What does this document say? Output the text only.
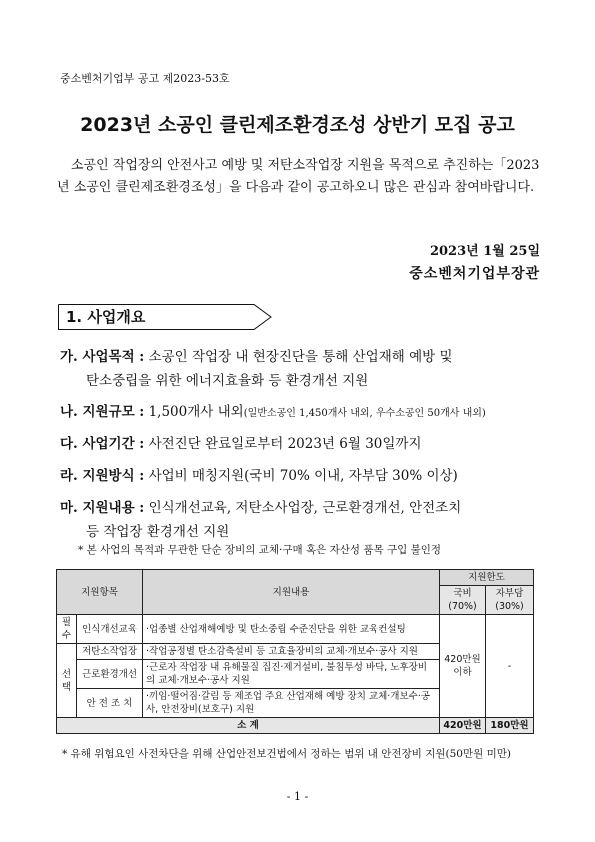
중소벤처기업부 공고 제2023-53호
2023년 소공인 클린제조환경조성 상반기 모집 공고

소공인 작업장의 안전사고 예방 및 저탄소작업장 지원을 목적으로 추진하는「2023년 소공인 클린제조환경조성」을 다음과 같이 공고하오니 많은 관심과 참여바랍니다.

2023년 1월 25일
중소벤처기업부장관
1. 사업개요
가. 사업목적 : 소공인 작업장 내 현장진단을 통해 산업재해 예방 및
탄소중립을 위한 에너지효율화 등 환경개선 지원
나. 지원규모 : 1,500개사 내외(일반소공인 1,450개사 내외, 우수소공인 50개사 내외)
다. 사업기간 : 사전진단 완료일로부터 2023년 6월 30일까지
라. 지원방식 : 사업비 매칭지원(국비 70% 이내, 자부담 30% 이상)
마. 지원내용 : 인식개선교육, 저탄소사업장, 근로환경개선, 안전조치
등 작업장 환경개선 지원
* 본 사업의 목적과 무관한 단순 장비의 교체·구매 혹은 자산성 품목 구입 불인정
지원항목		지원내용	지원한도	
			국비
(70%)	자부담
(30%)
필수	인식개선교육	·업종별 산업재해예방 및 탄소중립 수준진단을 위한 교육컨설팅	420만원 이하	-
선택	저탄소작업장	·작업공정별 탄소감축설비 등 고효율장비의 교체·개보수·공사 지원		
	근로환경개선	·근로자 작업장 내 유해물질 집진·제거설비, 불침투성 바닥, 노후장비의 교체·개보수·공사 지원		
	안 전 조 치	·끼임·떨어짐·갈림 등 제조업 주요 산업재해 예방 장치 교체·개보수·공사, 안전장비(보호구) 지원		
소 계			420만원	180만원
* 유해 위험요인 사전차단을 위해 산업안전보건법에서 정하는 범위 내 안전장비 지원(50만원 미만)
- 1 -
